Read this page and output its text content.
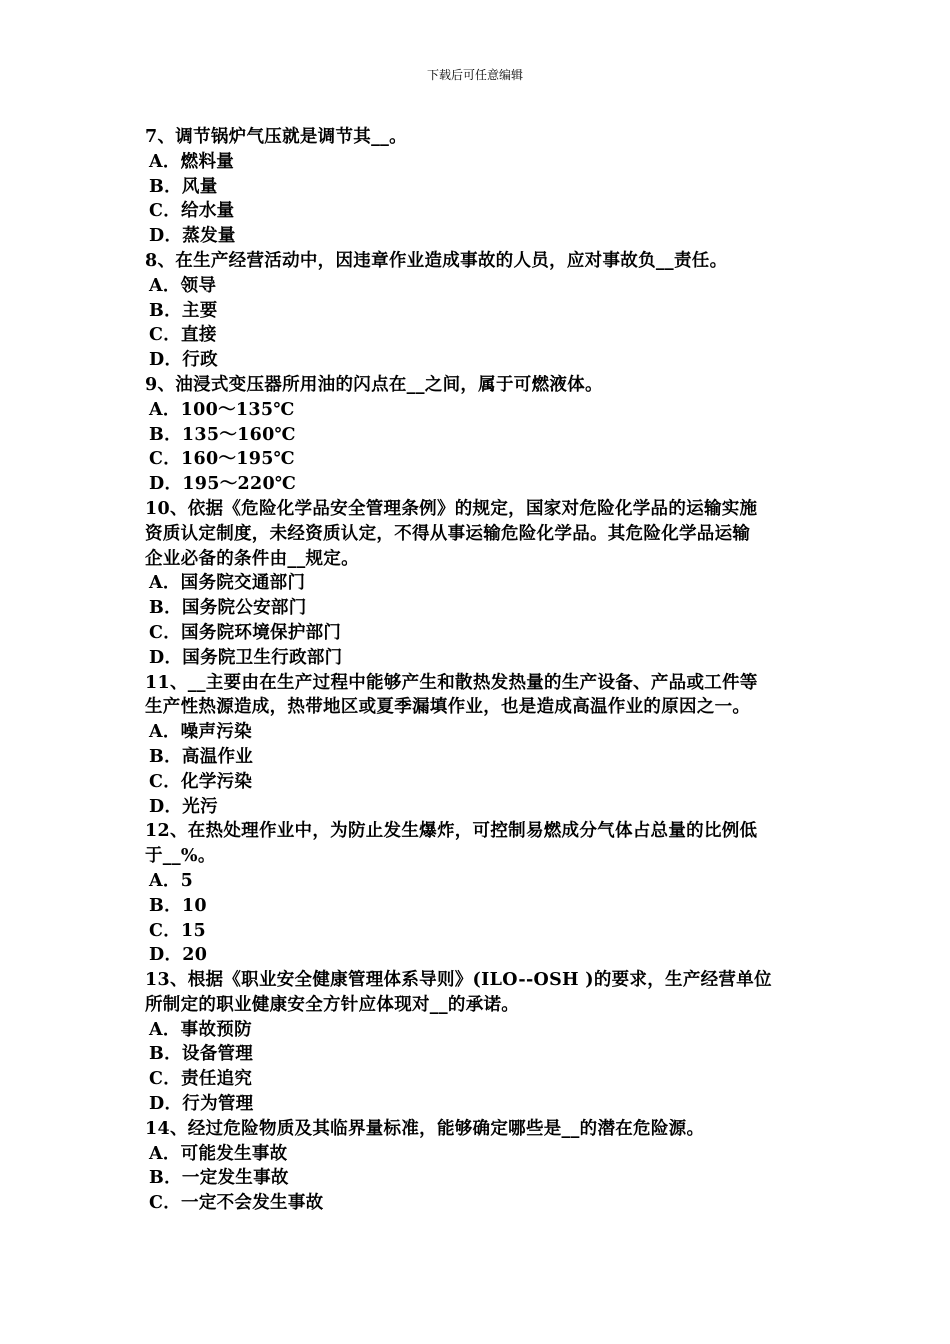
下载后可任意编辑
7、调节锅炉气压就是调节其__。
A．燃料量
B．风量
C．给水量
D．蒸发量
8、在生产经营活动中，因违章作业造成事故的人员，应对事故负__责任。
A．领导
B．主要
C．直接
D．行政
9、油浸式变压器所用油的闪点在__之间，属于可燃液体。
A．100～135℃
B．135～160℃
C．160～195℃
D．195～220℃
10、依据《危险化学品安全管理条例》的规定，国家对危险化学品的运输实施
资质认定制度，未经资质认定，不得从事运输危险化学品。其危险化学品运输
企业必备的条件由__规定。
A．国务院交通部门
B．国务院公安部门
C．国务院环境保护部门
D．国务院卫生行政部门
11、__主要由在生产过程中能够产生和散热发热量的生产设备、产品或工件等
生产性热源造成，热带地区或夏季漏填作业，也是造成高温作业的原因之一。
A．噪声污染
B．高温作业
C．化学污染
D．光污
12、在热处理作业中，为防止发生爆炸，可控制易燃成分气体占总量的比例低
于__%。
A．5
B．10
C．15
D．20
13、根据《职业安全健康管理体系导则》(ILO--OSH )的要求，生产经营单位
所制定的职业健康安全方针应体现对__的承诺。
A．事故预防
B．设备管理
C．责任追究
D．行为管理
14、经过危险物质及其临界量标准，能够确定哪些是__的潜在危险源。
A．可能发生事故
B．一定发生事故
C．一定不会发生事故
